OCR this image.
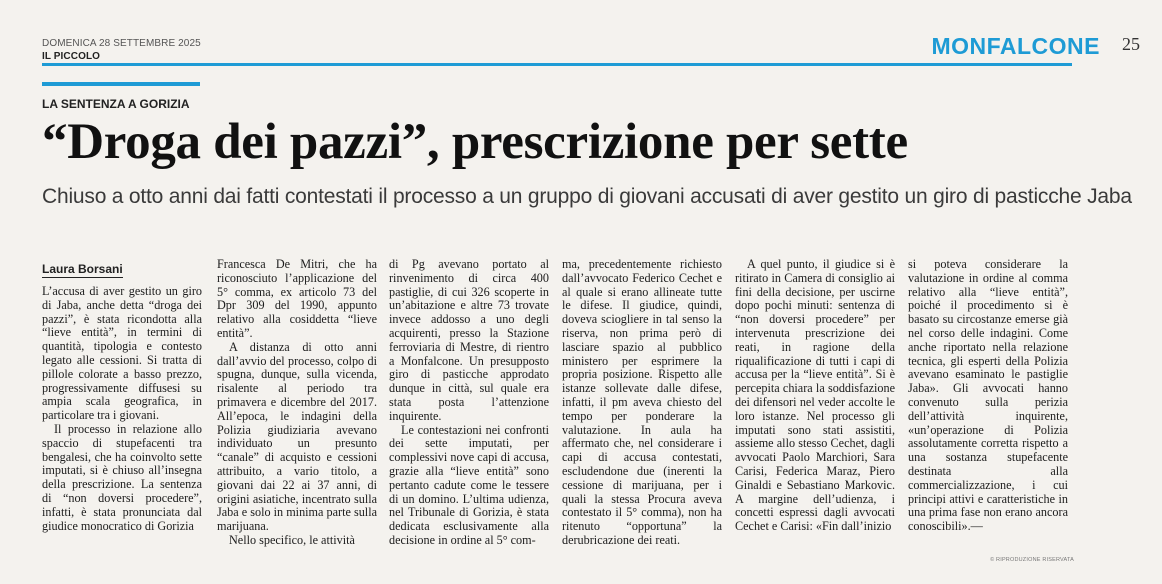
DOMENICA 28 SETTEMBRE 2025
IL PICCOLO	MONFALCONE 25
LA SENTENZA A GORIZIA
“Droga dei pazzi”, prescrizione per sette
Chiuso a otto anni dai fatti contestati il processo a un gruppo di giovani accusati di aver gestito un giro di pasticche Jaba
Laura Borsani

L’accusa di aver gestito un giro di Jaba, anche detta “droga dei pazzi”, è stata ricondotta alla “lieve entità”, in termini di quantità, tipologia e contesto legato alle cessioni. Si tratta di pillole colorate a basso prezzo, progressivamente diffusesi su ampia scala geografica, in particolare tra i giovani.

Il processo in relazione allo spaccio di stupefacenti tra bengalesi, che ha coinvolto sette imputati, si è chiuso all’insegna della prescrizione. La sentenza di “non doversi procedere”, infatti, è stata pronunciata dal giudice monocratico di Gorizia

Francesca De Mitri, che ha riconosciuto l’applicazione del 5° comma, ex articolo 73 del Dpr 309 del 1990, appunto relativo alla cosiddetta “lieve entità”.

A distanza di otto anni dall’avvio del processo, colpo di spugna, dunque, sulla vicenda, risalente al periodo tra primavera e dicembre del 2017. All’epoca, le indagini della Polizia giudiziaria avevano individuato un presunto “canale” di acquisto e cessioni attribuito, a vario titolo, a giovani dai 22 ai 37 anni, di origini asiatiche, incentrato sulla Jaba e solo in minima parte sulla marijuana.

Nello specifico, le attività

di Pg avevano portato al rinvenimento di circa 400 pastiglie, di cui 326 scoperte in un’abitazione e altre 73 trovate invece addosso a uno degli acquirenti, presso la Stazione ferroviaria di Mestre, di rientro a Monfalcone. Un presupposto giro di pasticche approdato dunque in città, sul quale era stata posta l’attenzione inquirente.

Le contestazioni nei confronti dei sette imputati, per complessivi nove capi di accusa, grazie alla “lieve entità” sono pertanto cadute come le tessere di un domino. L’ultima udienza, nel Tribunale di Gorizia, è stata dedicata esclusivamente alla decisione in ordine al 5° com-

ma, precedentemente richiesto dall’avvocato Federico Cechet e al quale si erano allineate tutte le difese. Il giudice, quindi, doveva sciogliere in tal senso la riserva, non prima però di lasciare spazio al pubblico ministero per esprimere la propria posizione. Rispetto alle istanze sollevate dalle difese, infatti, il pm aveva chiesto del tempo per ponderare la valutazione. In aula ha affermato che, nel considerare i capi di accusa contestati, escludendone due (inerenti la cessione di marijuana, per i quali la stessa Procura aveva contestato il 5° comma), non ha ritenuto “opportuna” la derubricazione dei reati.

A quel punto, il giudice si è ritirato in Camera di consiglio ai fini della decisione, per uscirne dopo pochi minuti: sentenza di “non doversi procedere” per intervenuta prescrizione dei reati, in ragione della riqualificazione di tutti i capi di accusa per la “lieve entità”. Si è percepita chiara la soddisfazione dei difensori nel veder accolte le loro istanze. Nel processo gli imputati sono stati assistiti, assieme allo stesso Cechet, dagli avvocati Paolo Marchiori, Sara Carisi, Federica Maraz, Piero Ginaldi e Sebastiano Markovic. A margine dell’udienza, i concetti espressi dagli avvocati Cechet e Carisi: «Fin dall’inizio

si poteva considerare la valutazione in ordine al comma relativo alla “lieve entità”, poiché il procedimento si è basato su circostanze emerse già nel corso delle indagini. Come anche riportato nella relazione tecnica, gli esperti della Polizia avevano esaminato le pastiglie Jaba». Gli avvocati hanno convenuto sulla perizia dell’attività inquirente, «un’operazione di Polizia assolutamente corretta rispetto a una sostanza stupefacente destinata alla commercializzazione, i cui principi attivi e caratteristiche in una prima fase non erano ancora conoscibili».—

© RIPRODUZIONE RISERVATA
